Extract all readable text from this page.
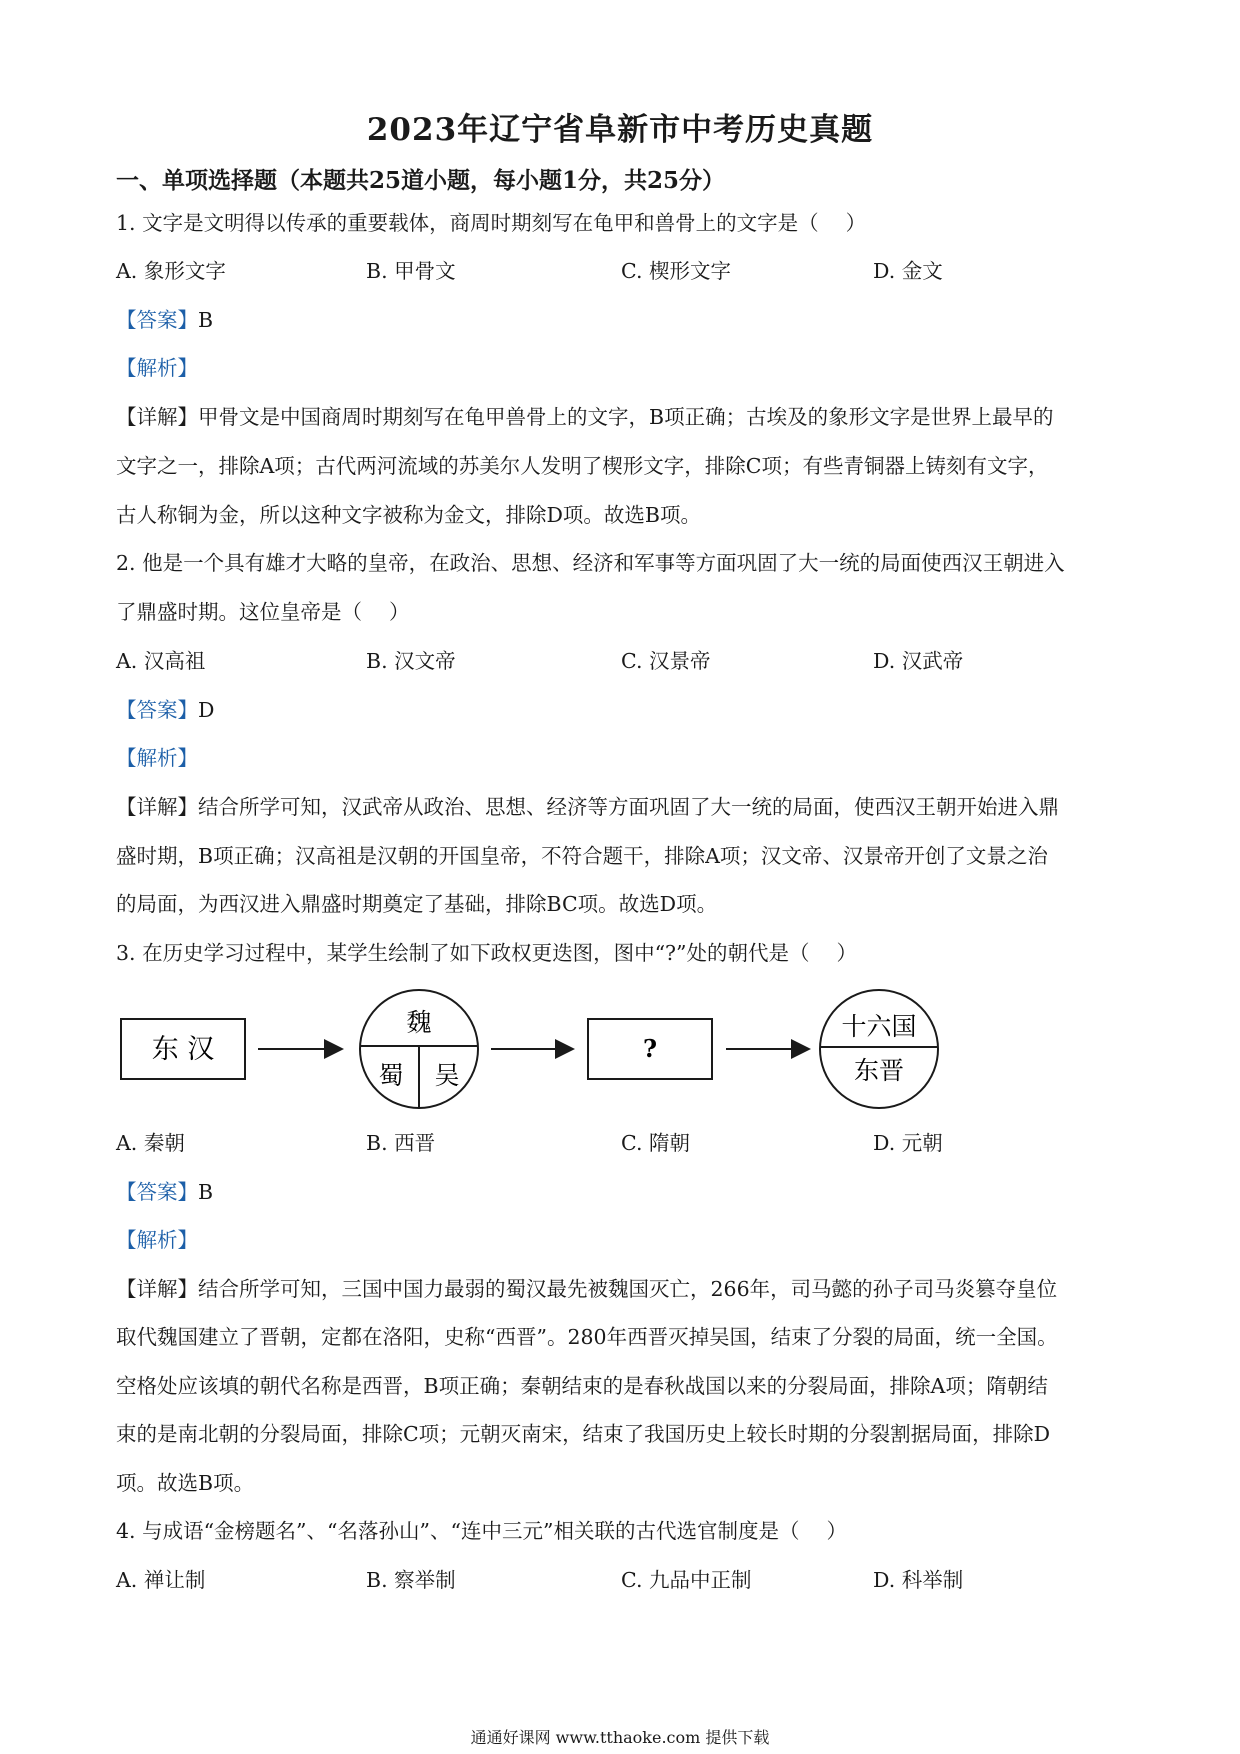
2023年辽宁省阜新市中考历史真题
一、单项选择题（本题共25道小题，每小题1分，共25分）
1. 文字是文明得以传承的重要载体，商周时期刻写在龟甲和兽骨上的文字是（　 ）
A. 象形文字	B. 甲骨文	C. 楔形文字	D. 金文
【答案】B
【解析】
【详解】甲骨文是中国商周时期刻写在龟甲兽骨上的文字，B项正确；古埃及的象形文字是世界上最早的
文字之一，排除A项；古代两河流域的苏美尔人发明了楔形文字，排除C项；有些青铜器上铸刻有文字，
古人称铜为金，所以这种文字被称为金文，排除D项。故选B项。
2. 他是一个具有雄才大略的皇帝，在政治、思想、经济和军事等方面巩固了大一统的局面使西汉王朝进入
了鼎盛时期。这位皇帝是（　 ）
A. 汉高祖	B. 汉文帝	C. 汉景帝	D. 汉武帝
【答案】D
【解析】
【详解】结合所学可知，汉武帝从政治、思想、经济等方面巩固了大一统的局面，使西汉王朝开始进入鼎
盛时期，B项正确；汉高祖是汉朝的开国皇帝，不符合题干，排除A项；汉文帝、汉景帝开创了文景之治
的局面，为西汉进入鼎盛时期奠定了基础，排除BC项。故选D项。
3. 在历史学习过程中，某学生绘制了如下政权更迭图，图中“?”处的朝代是（　 ）
东 汉
魏
蜀 吴
?
十六国
东晋
A. 秦朝	B. 西晋	C. 隋朝	D. 元朝
【答案】B
【解析】
【详解】结合所学可知，三国中国力最弱的蜀汉最先被魏国灭亡，266年，司马懿的孙子司马炎篡夺皇位
取代魏国建立了晋朝，定都在洛阳，史称“西晋”。280年西晋灭掉吴国，结束了分裂的局面，统一全国。
空格处应该填的朝代名称是西晋，B项正确；秦朝结束的是春秋战国以来的分裂局面，排除A项；隋朝结
束的是南北朝的分裂局面，排除C项；元朝灭南宋，结束了我国历史上较长时期的分裂割据局面，排除D
项。故选B项。
4. 与成语“金榜题名”、“名落孙山”、“连中三元”相关联的古代选官制度是（　 ）
A. 禅让制	B. 察举制	C. 九品中正制	D. 科举制
通通好课网 www.tthaoke.com 提供下载
